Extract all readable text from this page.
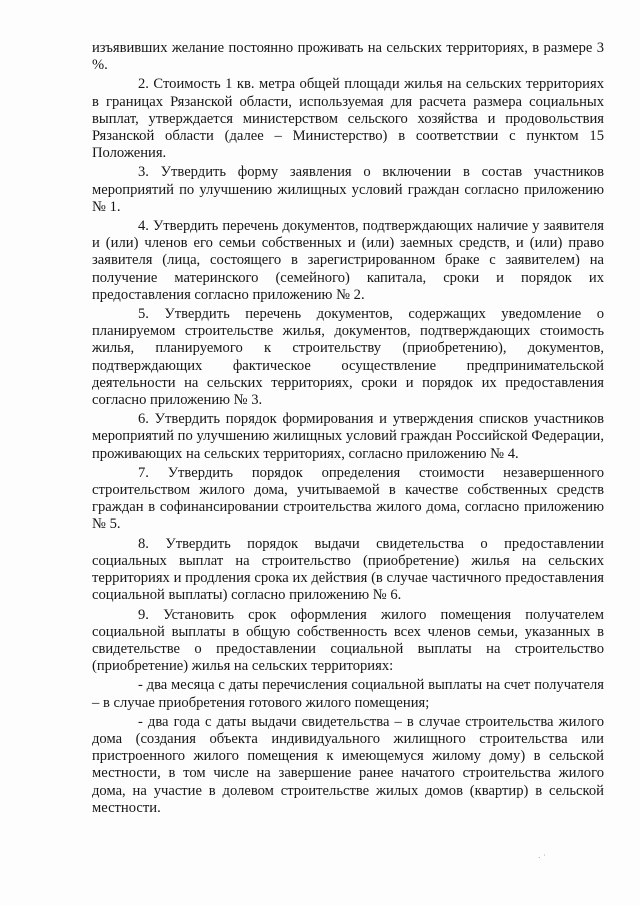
изъявивших желание постоянно проживать на сельских территориях, в размере 3 %.

2. Стоимость 1 кв. метра общей площади жилья на сельских территориях в границах Рязанской области, используемая для расчета размера социальных выплат, утверждается министерством сельского хозяйства и продовольствия Рязанской области (далее – Министерство) в соответствии с пунктом 15 Положения.

3. Утвердить форму заявления о включении в состав участников мероприятий по улучшению жилищных условий граждан согласно приложению № 1.

4. Утвердить перечень документов, подтверждающих наличие у заявителя и (или) членов его семьи собственных и (или) заемных средств, и (или) право заявителя (лица, состоящего в зарегистрированном браке с заявителем) на получение материнского (семейного) капитала, сроки и порядок их предоставления согласно приложению № 2.

5. Утвердить перечень документов, содержащих уведомление о планируемом строительстве жилья, документов, подтверждающих стоимость жилья, планируемого к строительству (приобретению), документов, подтверждающих фактическое осуществление предпринимательской деятельности на сельских территориях, сроки и порядок их предоставления согласно приложению № 3.

6. Утвердить порядок формирования и утверждения списков участников мероприятий по улучшению жилищных условий граждан Российской Федерации, проживающих на сельских территориях, согласно приложению № 4.

7. Утвердить порядок определения стоимости незавершенного строительством жилого дома, учитываемой в качестве собственных средств граждан в софинансировании строительства жилого дома, согласно приложению № 5.

8. Утвердить порядок выдачи свидетельства о предоставлении социальных выплат на строительство (приобретение) жилья на сельских территориях и продления срока их действия (в случае частичного предоставления социальной выплаты) согласно приложению № 6.

9. Установить срок оформления жилого помещения получателем социальной выплаты в общую собственность всех членов семьи, указанных в свидетельстве о предоставлении социальной выплаты на строительство (приобретение) жилья на сельских территориях:

- два месяца с даты перечисления социальной выплаты на счет получателя – в случае приобретения готового жилого помещения;

- два года с даты выдачи свидетельства – в случае строительства жилого дома (создания объекта индивидуального жилищного строительства или пристроенного жилого помещения к имеющемуся жилому дому) в сельской местности, в том числе на завершение ранее начатого строительства жилого дома, на участие в долевом строительстве жилых домов (квартир) в сельской местности.

. ·
